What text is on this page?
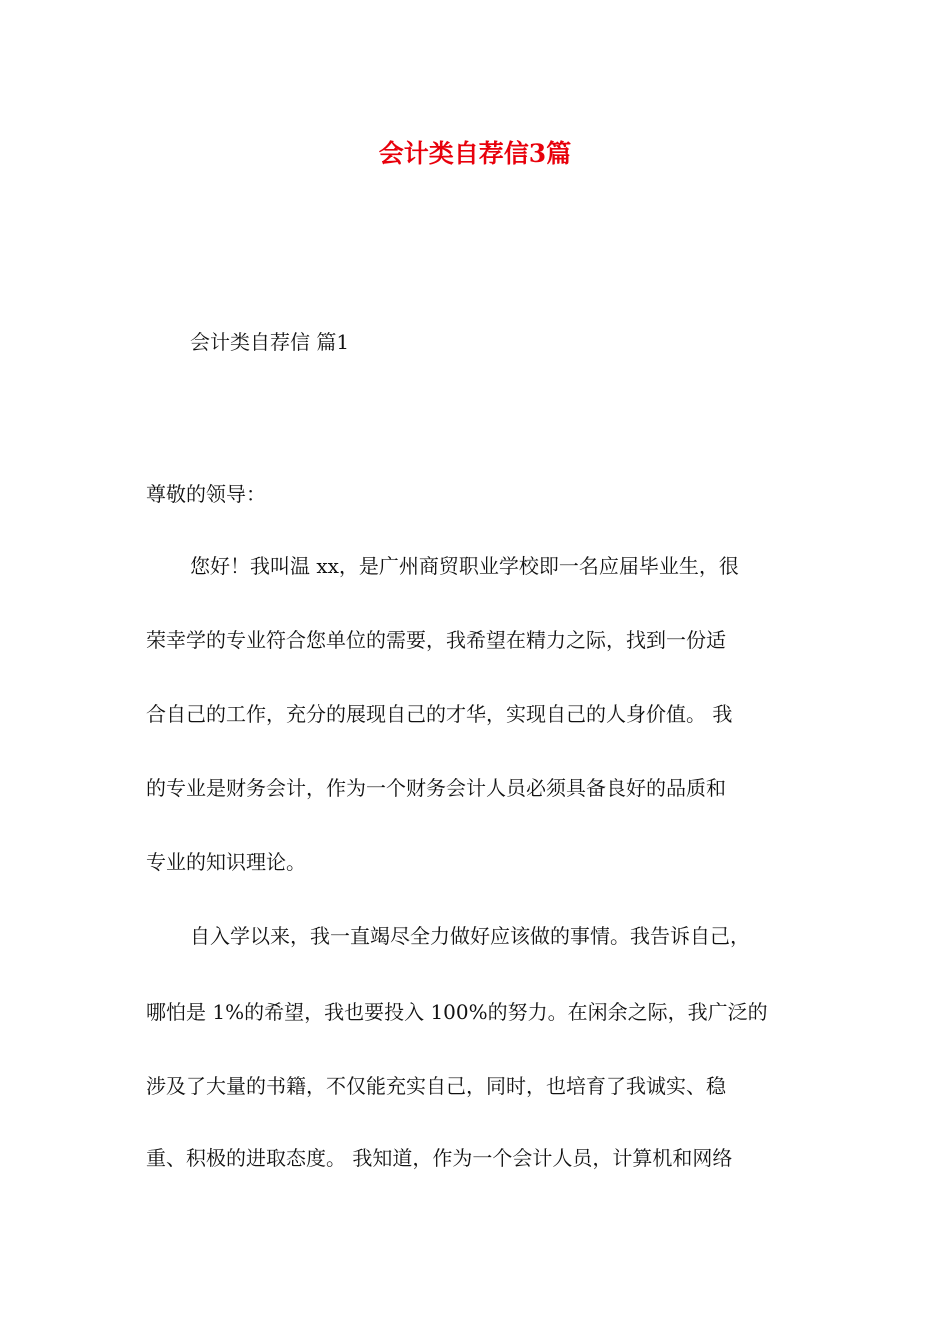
会计类自荐信3篇
会计类自荐信 篇1
尊敬的领导：
您好！我叫温 xx，是广州商贸职业学校即一名应届毕业生，很
荣幸学的专业符合您单位的需要，我希望在精力之际，找到一份适
合自己的工作，充分的展现自己的才华，实现自己的人身价值。 我
的专业是财务会计，作为一个财务会计人员必须具备良好的品质和
专业的知识理论。
自入学以来，我一直竭尽全力做好应该做的事情。我告诉自己，
哪怕是 1%的希望，我也要投入 100%的努力。在闲余之际，我广泛的
涉及了大量的书籍，不仅能充实自己，同时，也培育了我诚实、稳
重、积极的进取态度。 我知道，作为一个会计人员，计算机和网络
